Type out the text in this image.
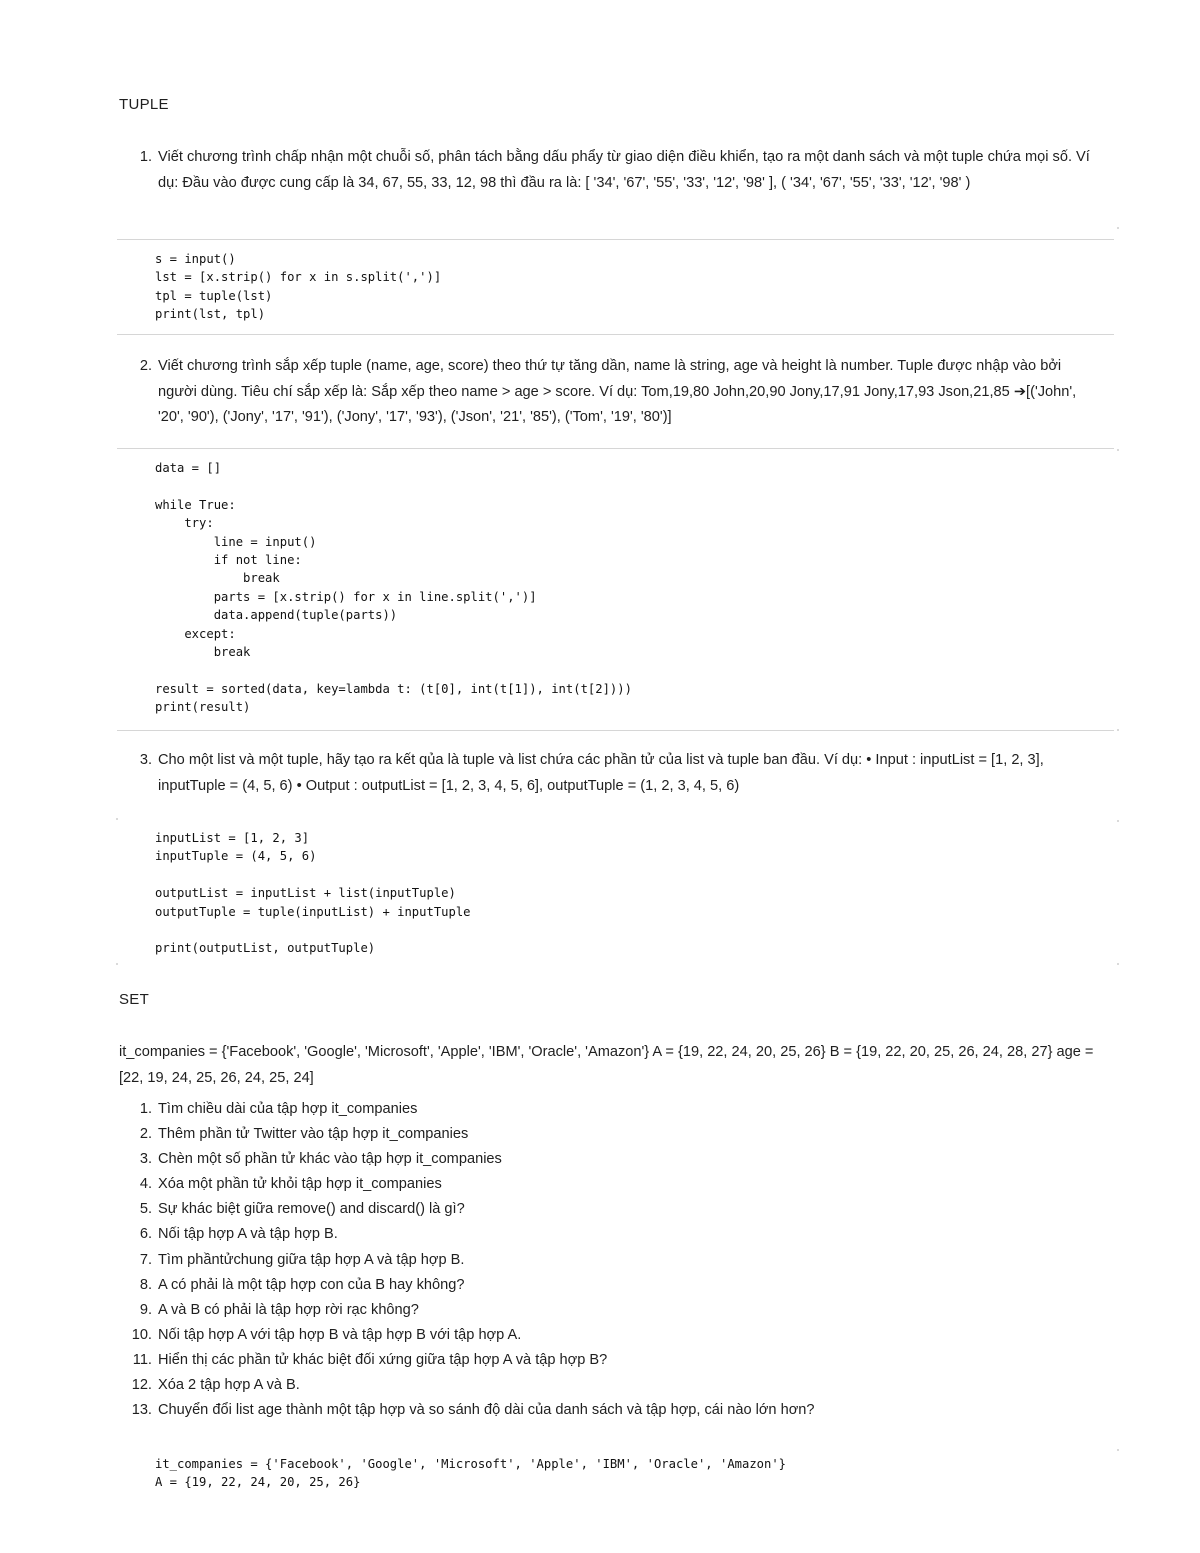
TUPLE
1. Viết chương trình chấp nhận một chuỗi số, phân tách bằng dấu phẩy từ giao diện điều khiển, tạo ra một danh sách và một tuple chứa mọi số. Ví dụ: Đầu vào được cung cấp là 34, 67, 55, 33, 12, 98 thì đầu ra là: [ '34', '67', '55', '33', '12', '98' ], ( '34', '67', '55', '33', '12', '98' )
s = input()
lst = [x.strip() for x in s.split(',')]
tpl = tuple(lst)
print(lst, tpl)
2. Viết chương trình sắp xếp tuple (name, age, score) theo thứ tự tăng dần, name là string, age và height là number. Tuple được nhập vào bởi người dùng. Tiêu chí sắp xếp là: Sắp xếp theo name > age > score. Ví dụ: Tom,19,80 John,20,90 Jony,17,91 Jony,17,93 Json,21,85 ➔[('John', '20', '90'), ('Jony', '17', '91'), ('Jony', '17', '93'), ('Json', '21', '85'), ('Tom', '19', '80')]
data = []

while True:
try:
line = input()
if not line:
break
parts = [x.strip() for x in line.split(',')]
data.append(tuple(parts))
except:
break

result = sorted(data, key=lambda t: (t[0], int(t[1]), int(t[2])))
print(result)
3. Cho một list và một tuple, hãy tạo ra kết qủa là tuple và list chứa các phần tử của list và tuple ban đầu. Ví dụ: • Input : inputList = [1, 2, 3], inputTuple = (4, 5, 6) • Output : outputList = [1, 2, 3, 4, 5, 6], outputTuple = (1, 2, 3, 4, 5, 6)
inputList = [1, 2, 3]
inputTuple = (4, 5, 6)

outputList = inputList + list(inputTuple)
outputTuple = tuple(inputList) + inputTuple

print(outputList, outputTuple)
SET
it_companies = {'Facebook', 'Google', 'Microsoft', 'Apple', 'IBM', 'Oracle', 'Amazon'} A = {19, 22, 24, 20, 25, 26} B = {19, 22, 20, 25, 26, 24, 28, 27} age = [22, 19, 24, 25, 26, 24, 25, 24]
1. Tìm chiều dài của tập hợp it_companies
2. Thêm phần tử Twitter vào tập hợp it_companies
3. Chèn một số phần tử khác vào tập hợp it_companies
4. Xóa một phần tử khỏi tập hợp it_companies
5. Sự khác biệt giữa remove() and discard() là gì?
6. Nối tập hợp A và tập hợp B.
7. Tìm phầntửchung giữa tập hợp A và tập hợp B.
8. A có phải là một tập hợp con của B hay không?
9. A và B có phải là tập hợp rời rạc không?
10. Nối tập hợp A với tập hợp B và tập hợp B với tập hợp A.
11. Hiển thị các phần tử khác biệt đối xứng giữa tập hợp A và tập hợp B?
12. Xóa 2 tập hợp A và B.
13. Chuyển đổi list age thành một tập hợp và so sánh độ dài của danh sách và tập hợp, cái nào lớn hơn?
it_companies = {'Facebook', 'Google', 'Microsoft', 'Apple', 'IBM', 'Oracle', 'Amazon'}
A = {19, 22, 24, 20, 25, 26}
